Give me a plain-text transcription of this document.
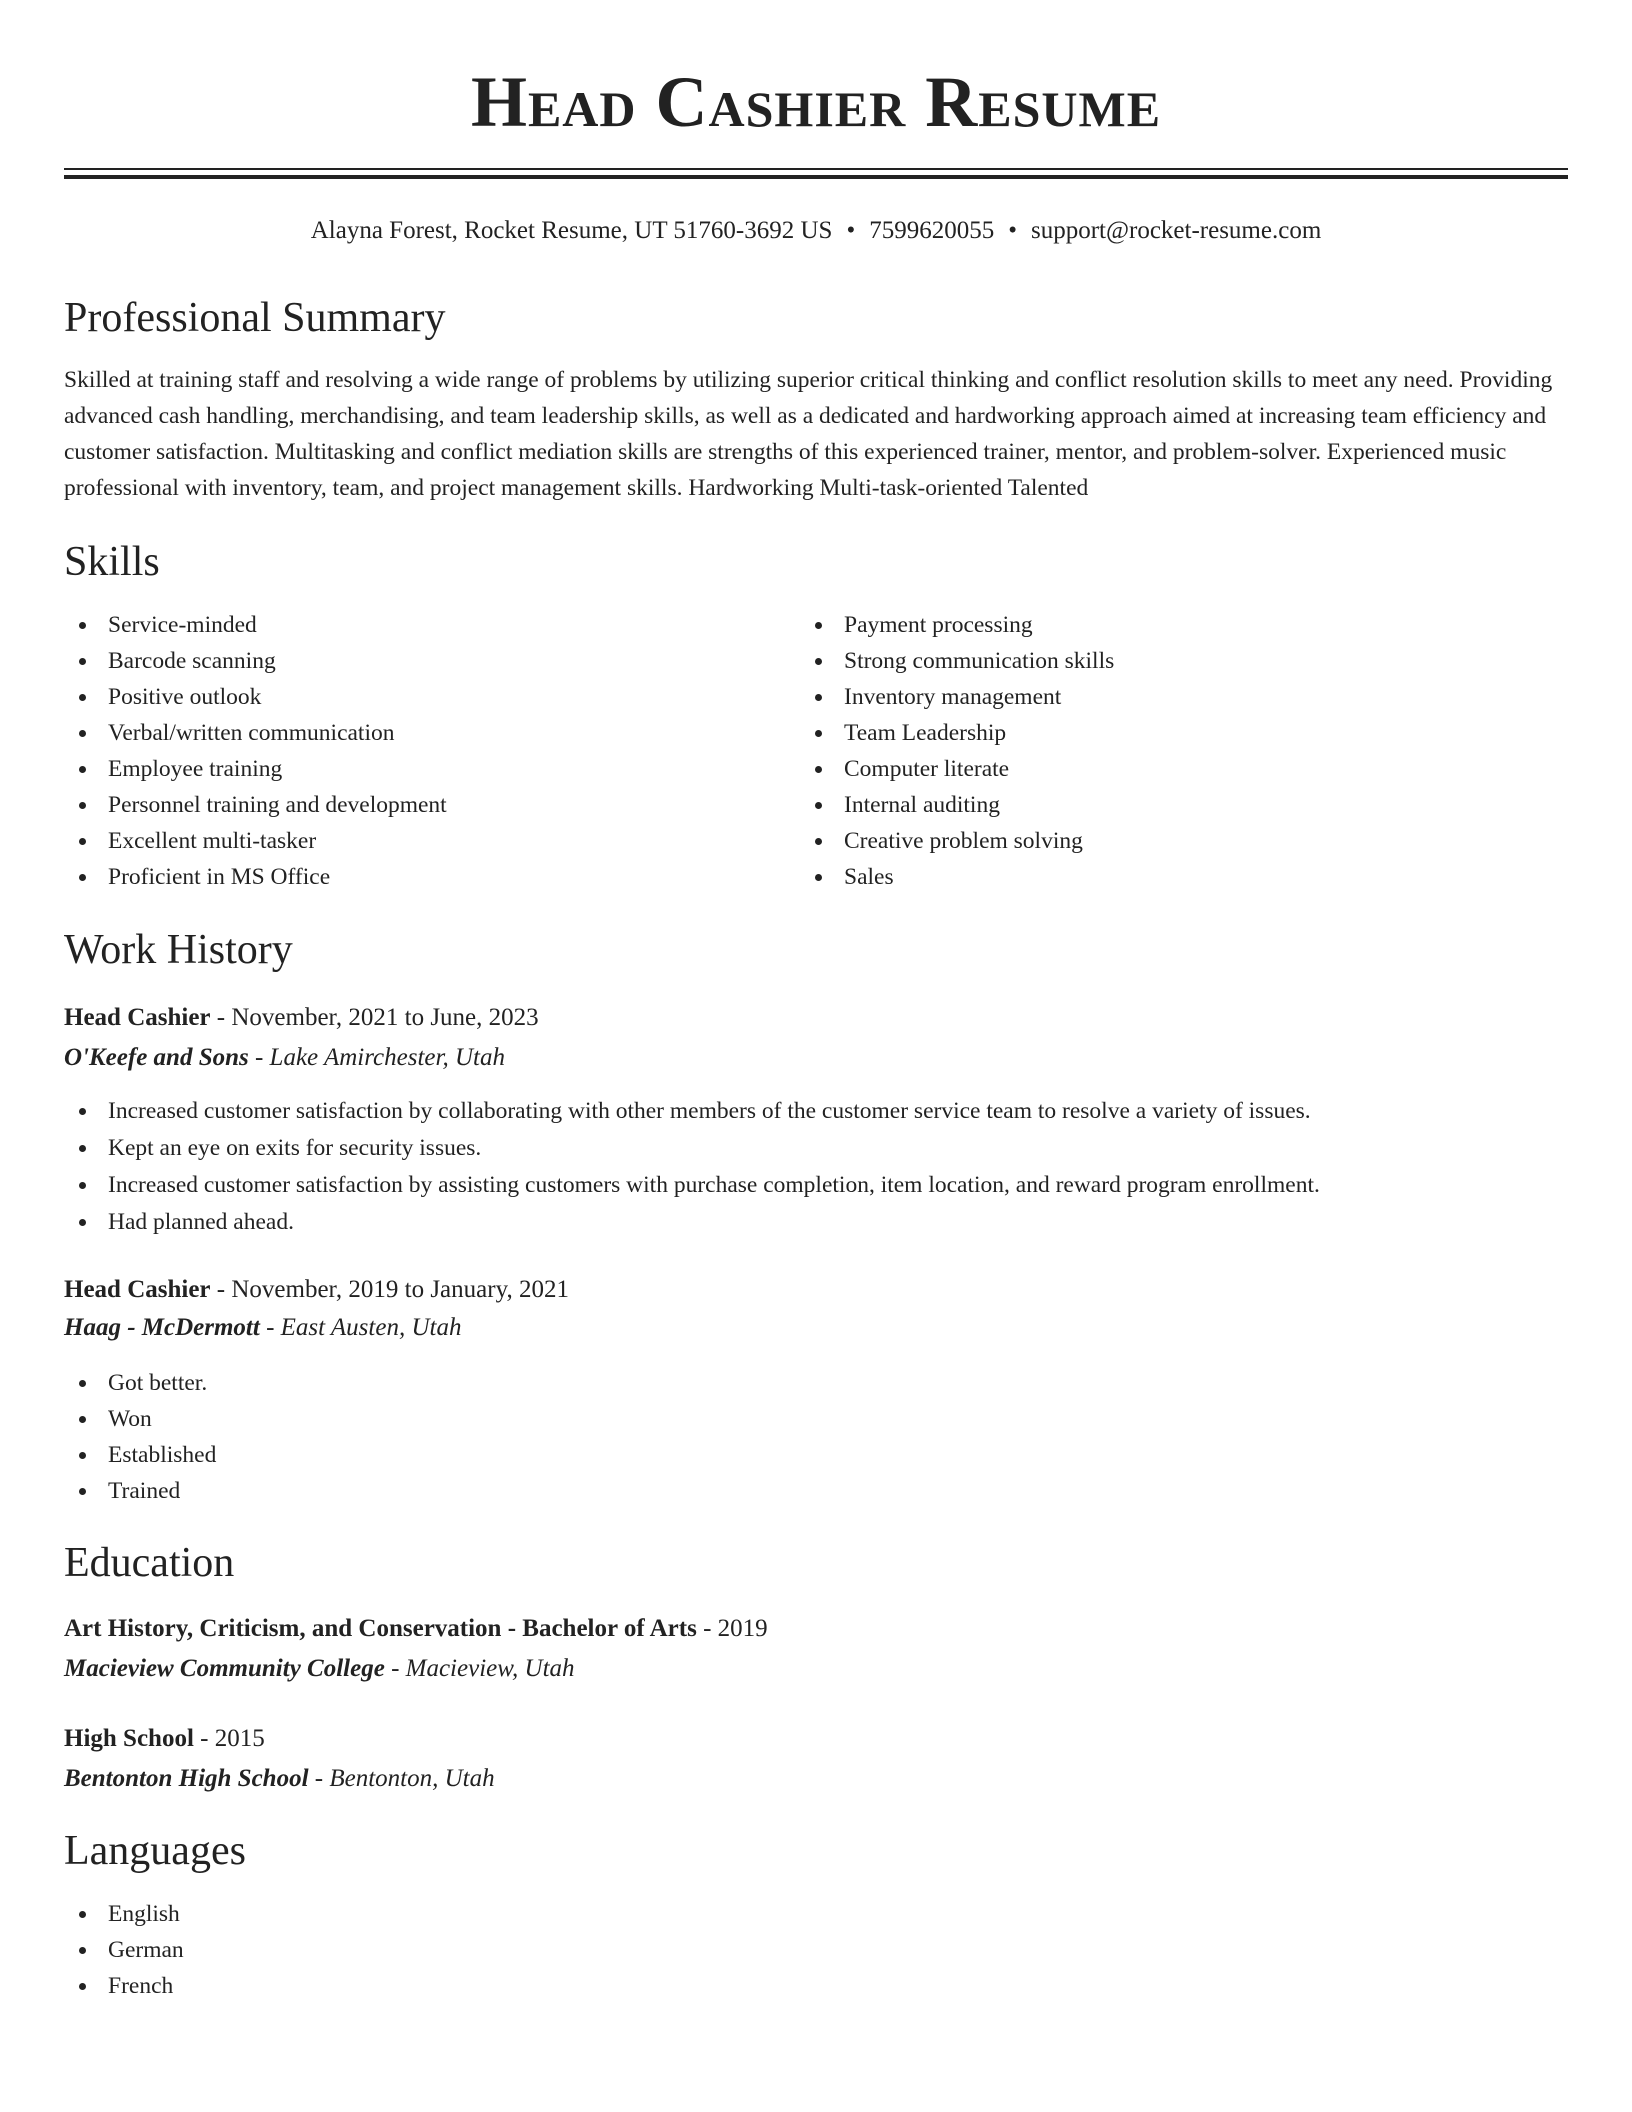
Head Cashier Resume
Alayna Forest, Rocket Resume, UT 51760-3692 US • 7599620055 • support@rocket-resume.com
Professional Summary

Skilled at training staff and resolving a wide range of problems by utilizing superior critical thinking and conflict resolution skills to meet any need. Providing advanced cash handling, merchandising, and team leadership skills, as well as a dedicated and hardworking approach aimed at increasing team efficiency and customer satisfaction. Multitasking and conflict mediation skills are strengths of this experienced trainer, mentor, and problem-solver. Experienced music professional with inventory, team, and project management skills. Hardworking Multi-task-oriented Talented

Skills
Service-minded
Barcode scanning
Positive outlook
Verbal/written communication
Employee training
Personnel training and development
Excellent multi-tasker
Proficient in MS Office
Payment processing
Strong communication skills
Inventory management
Team Leadership
Computer literate
Internal auditing
Creative problem solving
Sales
Work History
Head Cashier - November, 2021 to June, 2023
O'Keefe and Sons - Lake Amirchester, Utah
Increased customer satisfaction by collaborating with other members of the customer service team to resolve a variety of issues.
Kept an eye on exits for security issues.
Increased customer satisfaction by assisting customers with purchase completion, item location, and reward program enrollment.
Had planned ahead.
Head Cashier - November, 2019 to January, 2021
Haag - McDermott - East Austen, Utah
Got better.
Won
Established
Trained
Education
Art History, Criticism, and Conservation - Bachelor of Arts - 2019
Macieview Community College - Macieview, Utah
High School - 2015
Bentonton High School - Bentonton, Utah
Languages
English
German
French
